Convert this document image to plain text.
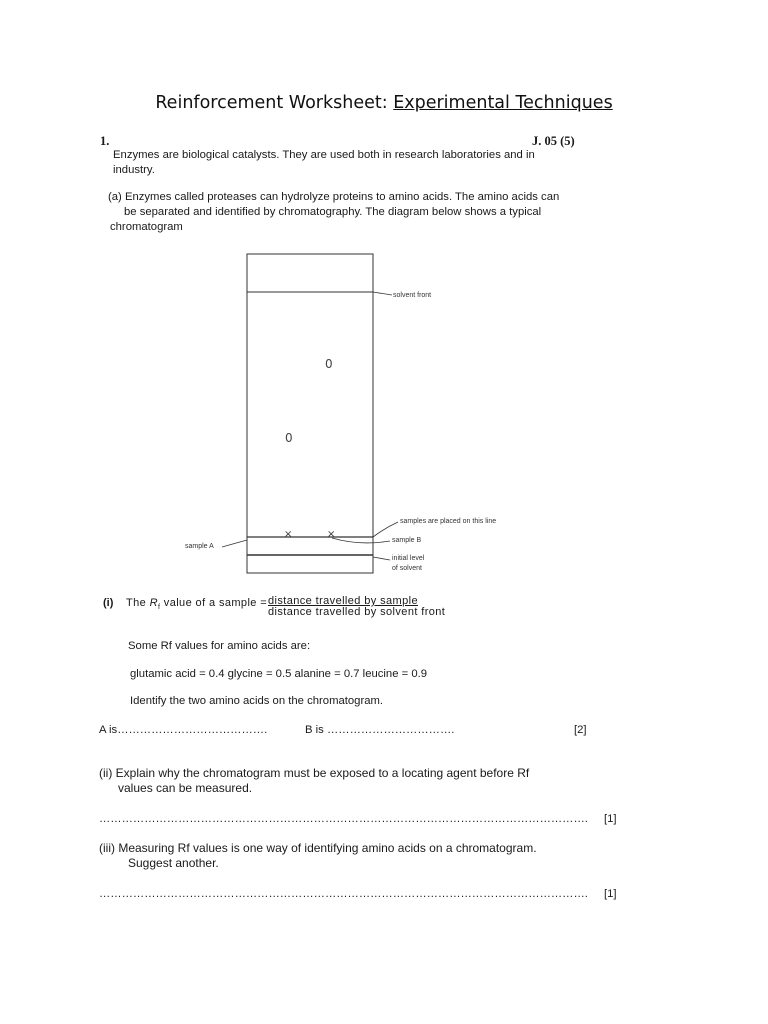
Reinforcement Worksheet: Experimental Techniques
1.	J. 05 (5)
Enzymes are biological catalysts. They are used both in research laboratories and in
industry.
(a) Enzymes called proteases can hydrolyze proteins to amino acids. The amino acids can
be separated and identified by chromatography. The diagram below shows a typical
chromatogram
0
0
×	×
solvent front
samples are placed on this line
sample B
initial level
of solvent
sample A
(i) The $R_f$ value of a sample = $\frac{\text{distance travelled by sample}}{\text{distance travelled by solvent front}}$
Some Rf values for amino acids are:
glutamic acid = 0.4 glycine = 0.5 alanine = 0.7 leucine = 0.9
Identify the two amino acids on the chromatogram.
A is………………………………….	B is …………………………….	[2]
(ii) Explain why the chromatogram must be exposed to a locating agent before Rf
values can be measured.
………………………………………………………………………………………………………………….	[1]
(iii) Measuring Rf values is one way of identifying amino acids on a chromatogram.
Suggest another.
………………………………………………………………………………………………………………….	[1]
